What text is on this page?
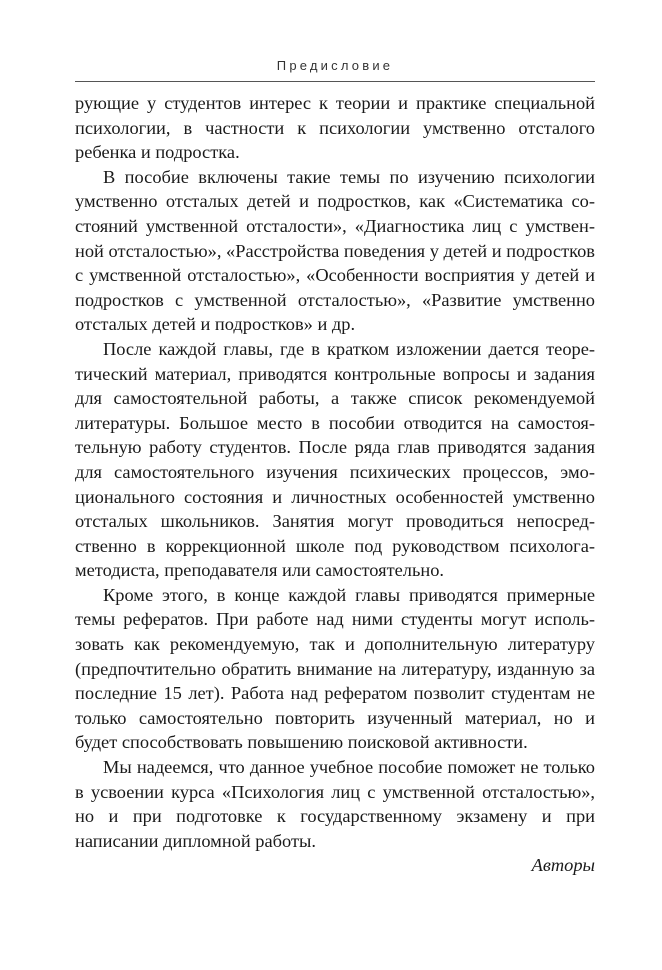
Предисловие

рующие у студентов интерес к теории и практике специальной психологии, в частности к психологии умственно отсталого ребенка и подростка.

В пособие включены такие темы по изучению психологии умственно отсталых детей и подростков, как «Систематика состояний умственной отсталости», «Диагностика лиц с умственной отсталостью», «Расстройства поведения у детей и подростков с умственной отсталостью», «Особенности восприятия у детей и подростков с умственной отсталостью», «Развитие умственно отсталых детей и подростков» и др.

После каждой главы, где в кратком изложении дается теоретический материал, приводятся контрольные вопросы и задания для самостоятельной работы, а также список рекомендуемой литературы. Большое место в пособии отводится на самостоятельную работу студентов. После ряда глав приводятся задания для самостоятельного изучения психических процессов, эмоционального состояния и личностных особенностей умственно отсталых школьников. Занятия могут проводиться непосредственно в коррекционной школе под руководством психолога-методиста, преподавателя или самостоятельно.

Кроме этого, в конце каждой главы приводятся примерные темы рефератов. При работе над ними студенты могут использовать как рекомендуемую, так и дополнительную литературу (предпочтительно обратить внимание на литературу, изданную за последние 15 лет). Работа над рефератом позволит студентам не только самостоятельно повторить изученный материал, но и будет способствовать повышению поисковой активности.

Мы надеемся, что данное учебное пособие поможет не только в усвоении курса «Психология лиц с умственной отсталостью», но и при подготовке к государственному экзамену и при написании дипломной работы.

Авторы
